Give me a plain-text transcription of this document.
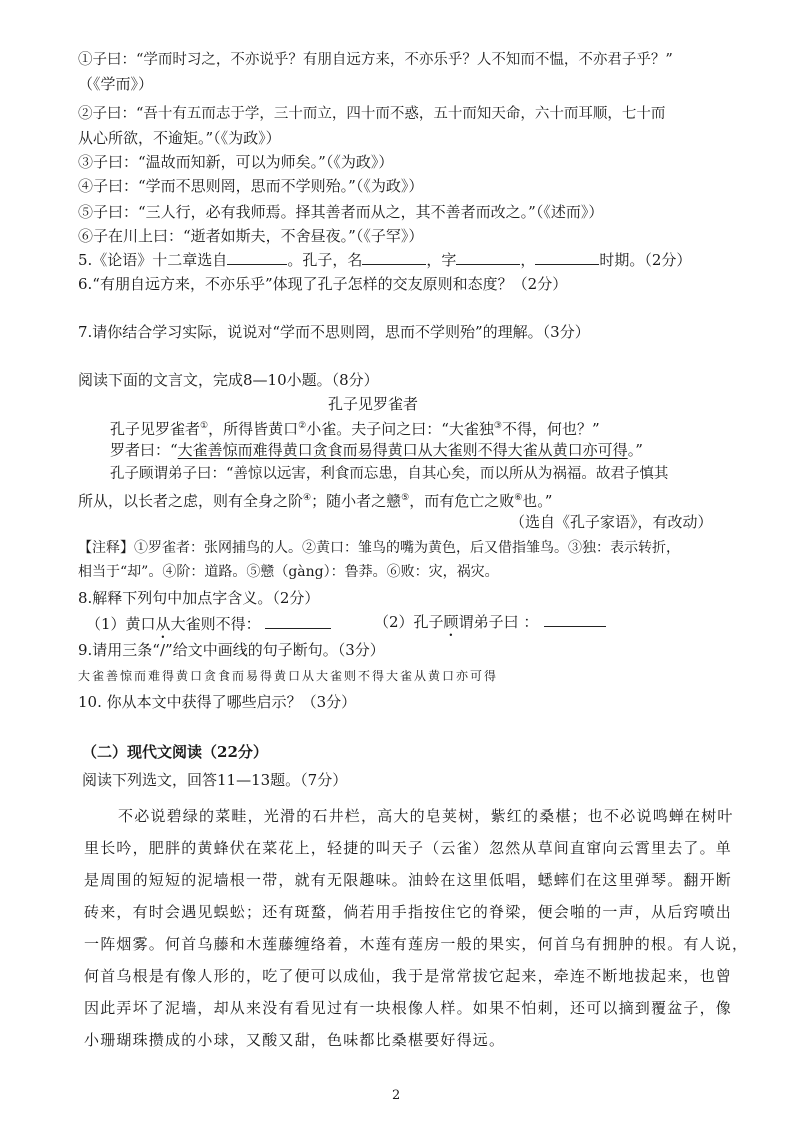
①子曰：“学而时习之，不亦说乎？有朋自远方来，不亦乐乎？人不知而不愠，不亦君子乎？”
（《学而》）
②子曰：“吾十有五而志于学，三十而立，四十而不惑，五十而知天命，六十而耳顺，七十而
从心所欲，不逾矩。”（《为政》）
③子曰：“温故而知新，可以为师矣。”（《为政》）
④子曰：“学而不思则罔，思而不学则殆。”（《为政》）
⑤子曰：“三人行，必有我师焉。择其善者而从之，其不善者而改之。”（《述而》）
⑥子在川上曰：“逝者如斯夫，不舍昼夜。”（《子罕》）
5.《论语》十二章选自	。孔子，名	，字	，	时期。（2分）
6.“有朋自远方来，不亦乐乎”体现了孔子怎样的交友原则和态度？（2分）
7.请你结合学习实际，说说对“学而不思则罔，思而不学则殆”的理解。（3分）
阅读下面的文言文，完成8—10小题。（8分）
孔子见罗雀者
孔子见罗雀者①，所得皆黄口②小雀。夫子问之曰：“大雀独③不得，何也？”
罗者曰：“大雀善惊而难得黄口贪食而易得黄口从大雀则不得大雀从黄口亦可得。”
孔子顾谓弟子曰：“善惊以远害，利食而忘患，自其心矣，而以所从为祸福。故君子慎其
所从，以长者之虑，则有全身之阶④；随小者之戆⑤，而有危亡之败⑥也。”
（选自《孔子家语》，有改动）
【注释】①罗雀者：张网捕鸟的人。②黄口：雏鸟的嘴为黄色，后又借指雏鸟。③独：表示转折，
相当于“却”。④阶：道路。⑤戆（gàng）：鲁莽。⑥败：灾，祸灾。
8.解释下列句中加点字含义。（2分）
（1）黄口从大雀则不得：	（2）孔子顾谓弟子曰 ：
9.请用三条“/”给文中画线的句子断句。（3分）
大雀善惊而难得黄口贪食而易得黄口从大雀则不得大雀从黄口亦可得
10. 你从本文中获得了哪些启示？（3分）
（二）现代文阅读（22分）
阅读下列选文，回答11—13题。（7分）
不必说碧绿的菜畦，光滑的石井栏，高大的皂荚树，紫红的桑椹；也不必说鸣蝉在树叶
里长吟，肥胖的黄蜂伏在菜花上，轻捷的叫天子（云雀）忽然从草间直窜向云霄里去了。单
是周围的短短的泥墙根一带，就有无限趣味。油蛉在这里低唱，蟋蟀们在这里弹琴。翻开断
砖来，有时会遇见蜈蚣；还有斑蝥，倘若用手指按住它的脊梁，便会啪的一声，从后窍喷出
一阵烟雾。何首乌藤和木莲藤缠络着，木莲有莲房一般的果实，何首乌有拥肿的根。有人说，
何首乌根是有像人形的，吃了便可以成仙，我于是常常拔它起来，牵连不断地拔起来，也曾
因此弄坏了泥墙，却从来没有看见过有一块根像人样。如果不怕刺，还可以摘到覆盆子，像
小珊瑚珠攒成的小球，又酸又甜，色味都比桑椹要好得远。
2
